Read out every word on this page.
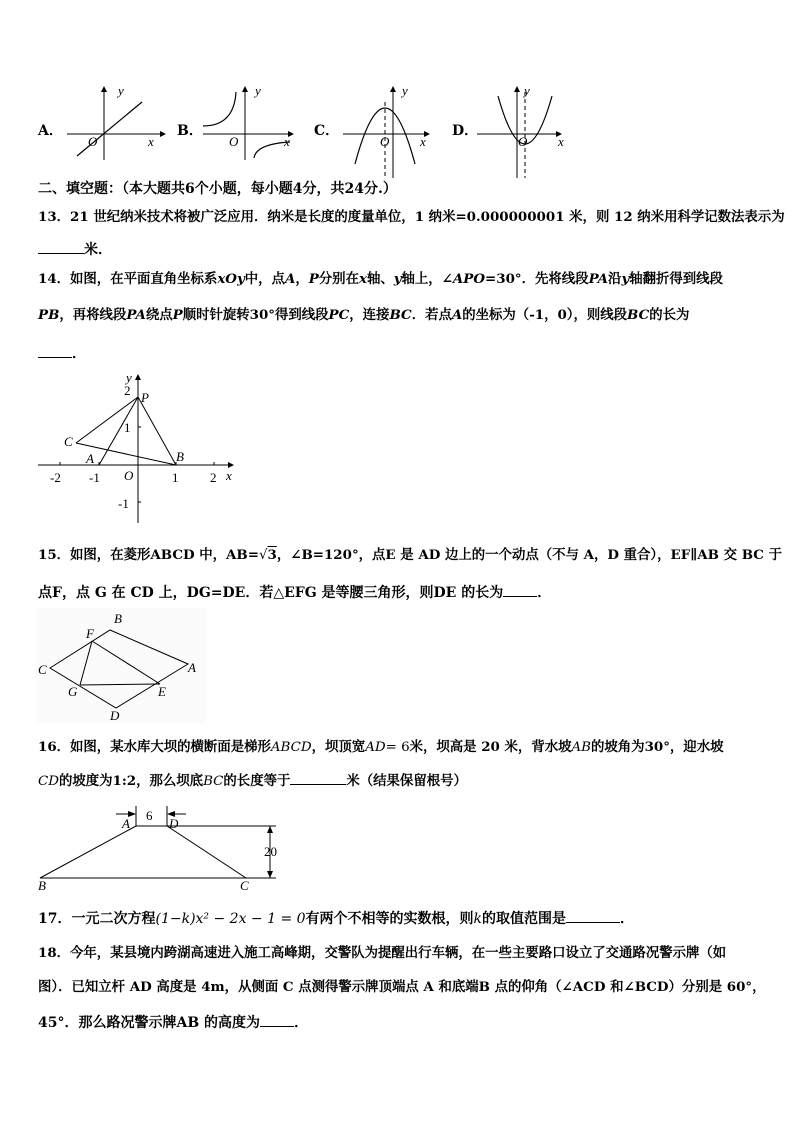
A．
y
x
O
B．
y
x
O
C．
y
x
O
D．
y
x
O
二、填空题：（本大题共6个小题，每小题4分，共24分.）
13．21 世纪纳米技术将被广泛应用．纳米是长度的度量单位，1 纳米=0.000000001 米，则 12 纳米用科学记数法表示为
米．
14．如图，在平面直角坐标系xOy中，点A，P分别在x轴、y轴上，∠APO=30°．先将线段PA沿y轴翻折得到线段
PB，再将线段PA绕点P顺时针旋转30°得到线段PC，连接BC．若点A的坐标为（-1，0），则线段BC的长为
．
x
y
O
P
A	B
C
-2 -1	1 2
2
1
-1
15．如图，在菱形ABCD 中，AB=√3，∠B=120°，点E 是 AD 边上的一个动点（不与 A，D 重合），EF∥AB 交 BC 于
点F，点 G 在 CD 上，DG=DE．若△EFG 是等腰三角形，则DE 的长为 ．
B
F
C	A
G	E
D
16．如图，某水库大坝的横断面是梯形ABCD，坝顶宽AD= 6米，坝高是 20 米，背水坡AB的坡角为30°，迎水坡
CD的坡度为1:2，那么坝底BC的长度等于	米（结果保留根号）
6
20
A	D
B	C
17．一元二次方程(1−k)x² − 2x − 1 = 0有两个不相等的实数根，则k的取值范围是	．
18．今年，某县境内跨湖高速进入施工高峰期，交警队为提醒出行车辆，在一些主要路口设立了交通路况警示牌（如
图）．已知立杆 AD 高度是 4m，从侧面 C 点测得警示牌顶端点 A 和底端B 点的仰角（∠ACD 和∠BCD）分别是 60°，
45°．那么路况警示牌AB 的高度为 ．
